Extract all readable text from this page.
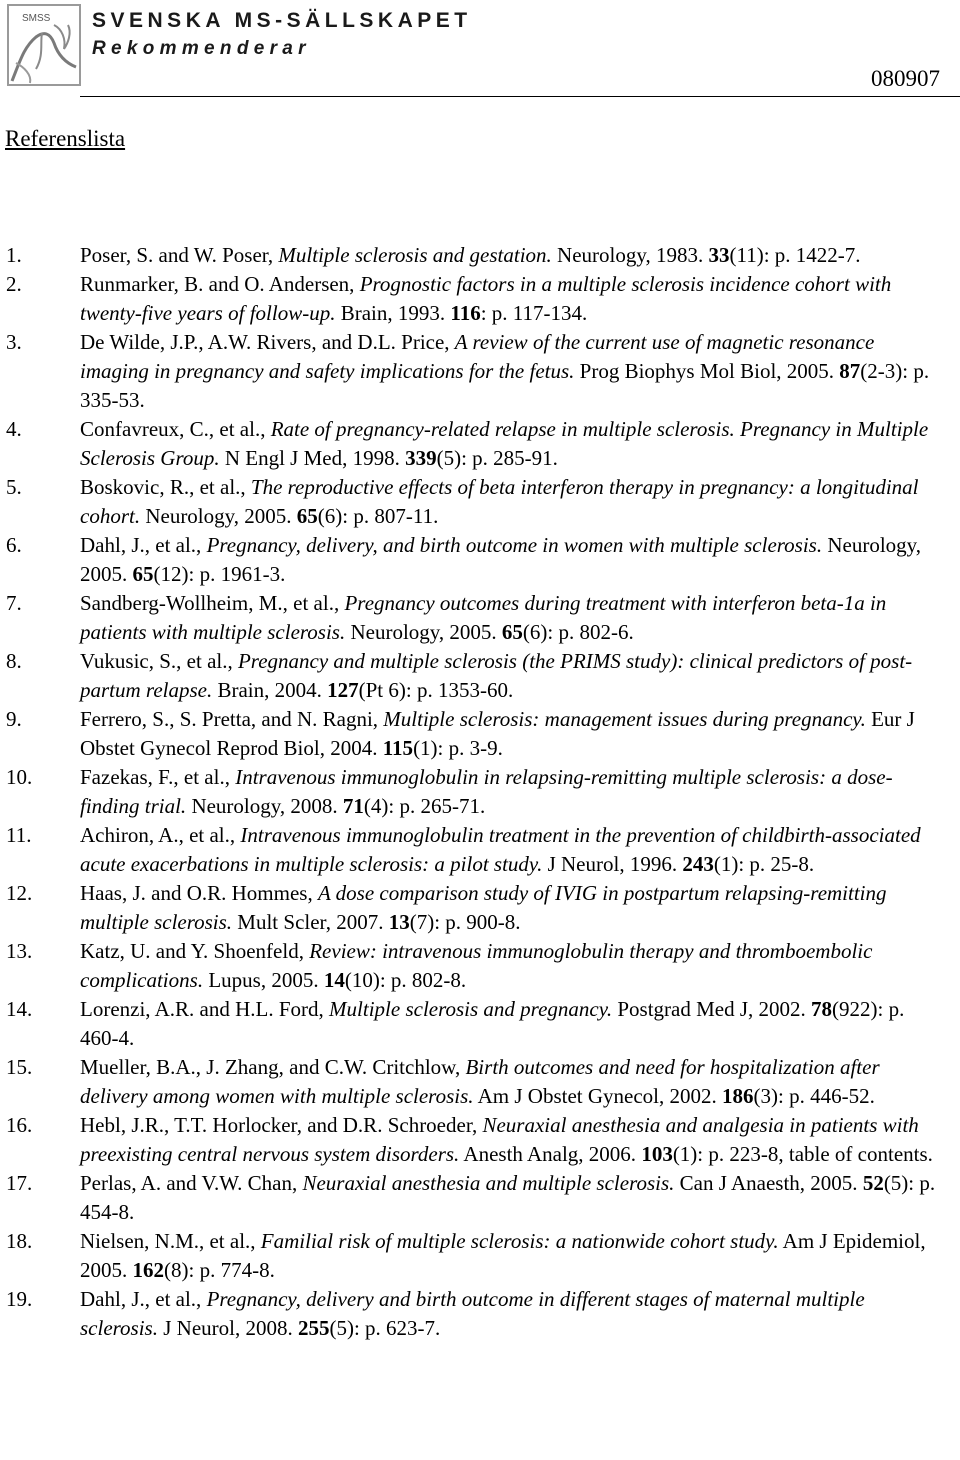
SMSS SVENSKA MS-SÄLLSKAPET
Rekommenderar
080907
Referenslista
1.	Poser, S. and W. Poser, Multiple sclerosis and gestation. Neurology, 1983. 33(11): p. 1422-7.
2.	Runmarker, B. and O. Andersen, Prognostic factors in a multiple sclerosis incidence cohort with twenty-five years of follow-up. Brain, 1993. 116: p. 117-134.
3.	De Wilde, J.P., A.W. Rivers, and D.L. Price, A review of the current use of magnetic resonance imaging in pregnancy and safety implications for the fetus. Prog Biophys Mol Biol, 2005. 87(2-3): p. 335-53.
4.	Confavreux, C., et al., Rate of pregnancy-related relapse in multiple sclerosis. Pregnancy in Multiple Sclerosis Group. N Engl J Med, 1998. 339(5): p. 285-91.
5.	Boskovic, R., et al., The reproductive effects of beta interferon therapy in pregnancy: a longitudinal cohort. Neurology, 2005. 65(6): p. 807-11.
6.	Dahl, J., et al., Pregnancy, delivery, and birth outcome in women with multiple sclerosis. Neurology, 2005. 65(12): p. 1961-3.
7.	Sandberg-Wollheim, M., et al., Pregnancy outcomes during treatment with interferon beta-1a in patients with multiple sclerosis. Neurology, 2005. 65(6): p. 802-6.
8.	Vukusic, S., et al., Pregnancy and multiple sclerosis (the PRIMS study): clinical predictors of post-partum relapse. Brain, 2004. 127(Pt 6): p. 1353-60.
9.	Ferrero, S., S. Pretta, and N. Ragni, Multiple sclerosis: management issues during pregnancy. Eur J Obstet Gynecol Reprod Biol, 2004. 115(1): p. 3-9.
10. Fazekas, F., et al., Intravenous immunoglobulin in relapsing-remitting multiple sclerosis: a dose-finding trial. Neurology, 2008. 71(4): p. 265-71.
11. Achiron, A., et al., Intravenous immunoglobulin treatment in the prevention of childbirth-associated acute exacerbations in multiple sclerosis: a pilot study. J Neurol, 1996. 243(1): p. 25-8.
12. Haas, J. and O.R. Hommes, A dose comparison study of IVIG in postpartum relapsing-remitting multiple sclerosis. Mult Scler, 2007. 13(7): p. 900-8.
13. Katz, U. and Y. Shoenfeld, Review: intravenous immunoglobulin therapy and thromboembolic complications. Lupus, 2005. 14(10): p. 802-8.
14. Lorenzi, A.R. and H.L. Ford, Multiple sclerosis and pregnancy. Postgrad Med J, 2002. 78(922): p. 460-4.
15. Mueller, B.A., J. Zhang, and C.W. Critchlow, Birth outcomes and need for hospitalization after delivery among women with multiple sclerosis. Am J Obstet Gynecol, 2002. 186(3): p. 446-52.
16. Hebl, J.R., T.T. Horlocker, and D.R. Schroeder, Neuraxial anesthesia and analgesia in patients with preexisting central nervous system disorders. Anesth Analg, 2006. 103(1): p. 223-8, table of contents.
17. Perlas, A. and V.W. Chan, Neuraxial anesthesia and multiple sclerosis. Can J Anaesth, 2005. 52(5): p. 454-8.
18. Nielsen, N.M., et al., Familial risk of multiple sclerosis: a nationwide cohort study. Am J Epidemiol, 2005. 162(8): p. 774-8.
19. Dahl, J., et al., Pregnancy, delivery and birth outcome in different stages of maternal multiple sclerosis. J Neurol, 2008. 255(5): p. 623-7.
